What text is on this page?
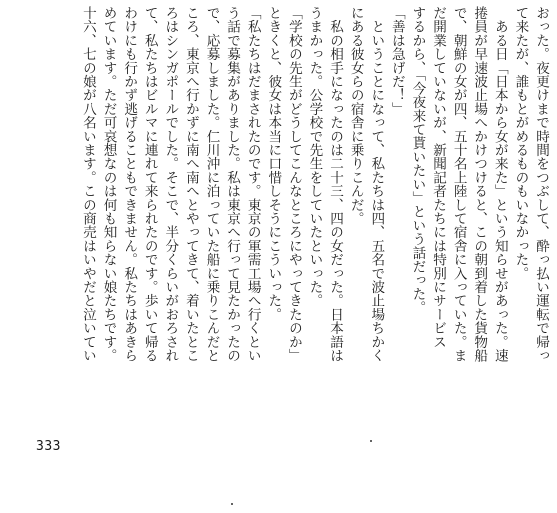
おった。夜更けまで時間をつぶして、酔っ払い運転で帰っ

て来たが、誰もとがめるものもいなかった。

　ある日「日本から女が来た」という知らせがあった。速

捲員が早速波止場へかけつけると、この朝到着した貨物船

で、朝鮮の女が四、五十名上陸して宿舎に入っていた。ま

だ開業していないが、新聞記者たちには特別にサービス

するから、「今夜来て貰いたい」という話だった。

「善は急げだ！」

　ということになって、私たちは四、五名で波止場ちかく

にある彼女らの宿舎に乗りこんだ。

　私の相手になったのは二十三、四の女だった。日本語は

うまかった。公学校で先生をしていたといった。

「学校の先生がどうしてこんなところにやってきたのか」

ときくと、彼女は本当に口惜しそうにこういった。

「私たちはだまされたのです。東京の軍需工場へ行くとい

う話で募集がありました。私は東京へ行って見たかったの

で、応募しました。仁川沖に泊っていた船に乗りこんだと

ころ、東京へ行かずに南へ南へとやってきて、着いたとこ

ろはシンガポールでした。そこで、半分くらいがおろされ

て、私たちはビルマに連れて来られたのです。歩いて帰る

わけにも行かず逃げることもできません。私たちはあきら

めています。ただ可哀想なのは何も知らない娘たちです。

十六、七の娘が八名います。この商売はいやだと泣いてい

333
